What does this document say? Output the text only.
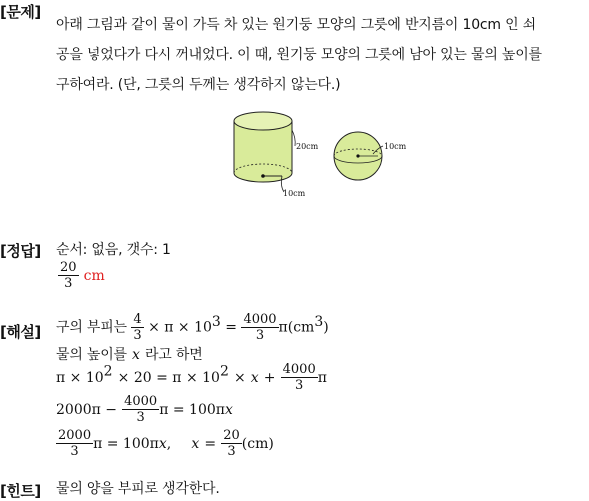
[문제]
아래 그림과 같이 물이 가득 차 있는 원기둥 모양의 그릇에 반지름이 10cm 인 쇠
공을 넣었다가 다시 꺼내었다. 이 때, 원기둥 모양의 그릇에 남아 있는 물의 높이를
구하여라. (단, 그릇의 두께는 생각하지 않는다.)
20cm
10cm
10cm
[정답] 순서: 없음, 갯수: 1
$\frac{20}{3}$ cm
[해설] 구의 부피는 $\frac{4}{3} \times \pi \times 10^3 = \frac{4000}{3} \pi(cm^3)$
물의 높이를 x 라고 하면
$\pi \times 10^2 \times 20 = \pi \times 10^2 \times x + \frac{4000}{3}$ π
$2000\pi - \frac{4000}{3}$ π = 100πx
$\frac{2000}{3}$ π = 100πx, $x = \frac{20}{3} (cm)$
[힌트] 물의 양을 부피로 생각한다.
